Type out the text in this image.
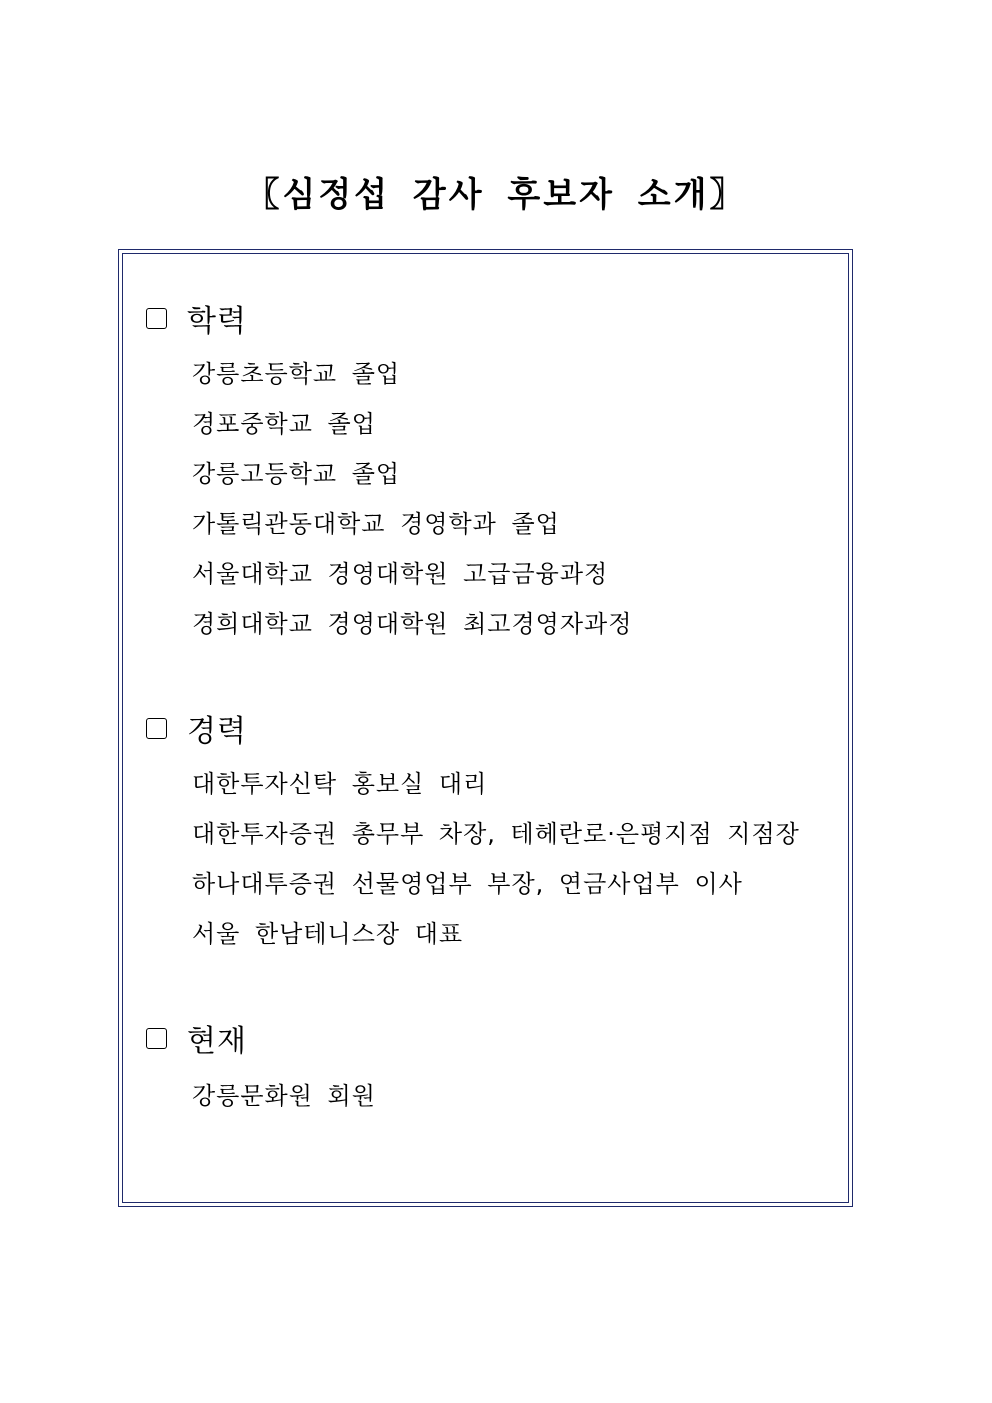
〖심정섭 감사 후보자 소개〗
학력
강릉초등학교 졸업
경포중학교 졸업
강릉고등학교 졸업
가톨릭관동대학교 경영학과 졸업
서울대학교 경영대학원 고급금융과정
경희대학교 경영대학원 최고경영자과정
경력
대한투자신탁 홍보실 대리
대한투자증권 총무부 차장, 테헤란로·은평지점 지점장
하나대투증권 선물영업부 부장, 연금사업부 이사
서울 한남테니스장 대표
현재
강릉문화원 회원
